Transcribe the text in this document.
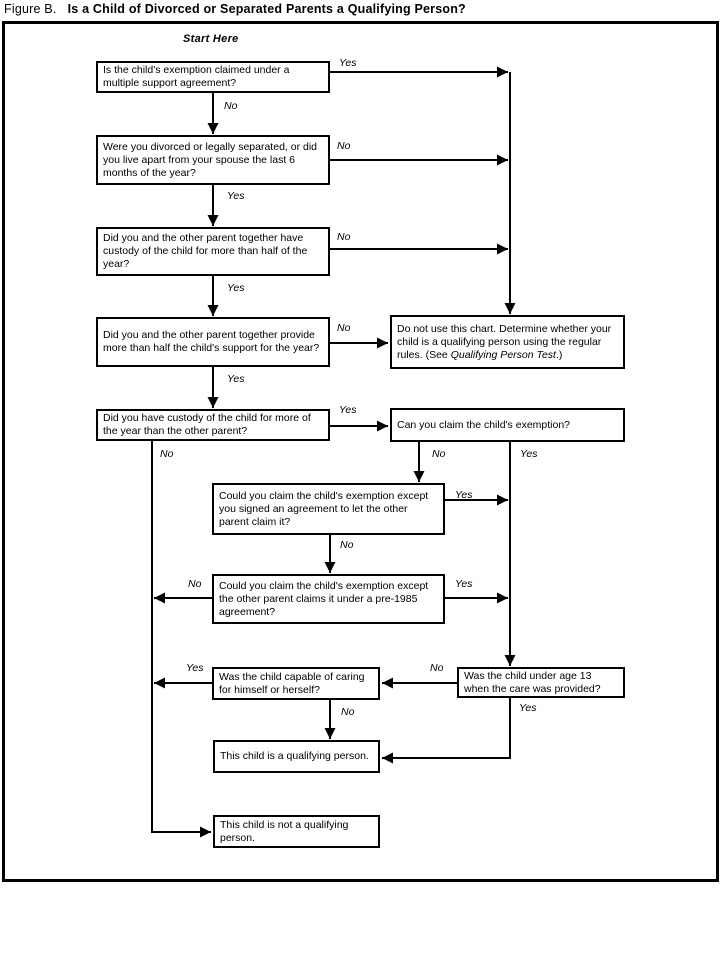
Figure B. Is a Child of Divorced or Separated Parents a Qualifying Person?
Start Here
Is the child's exemption claimed under a multiple support agreement?
Were you divorced or legally separated, or did you live apart from your spouse the last 6 months of the year?
Did you and the other parent together have custody of the child for more than half of the year?
Did you and the other parent together provide more than half the child's support for the year?
Did you have custody of the child for more of the year than the other parent?
Do not use this chart. Determine whether your child is a qualifying person using the regular rules. (See Qualifying Person Test.)
Can you claim the child's exemption?
Could you claim the child's exemption except you signed an agreement to let the other parent claim it?
Could you claim the child's exemption except the other parent claims it under a pre-1985 agreement?
Was the child capable of caring for himself or herself?
Was the child under age 13 when the care was provided?
This child is a qualifying person.
This child is not a qualifying person.
Yes
No
No
Yes
No
Yes
No
Yes
Yes
No	No	Yes
Yes
No
No	Yes
No
Yes
No	Yes
